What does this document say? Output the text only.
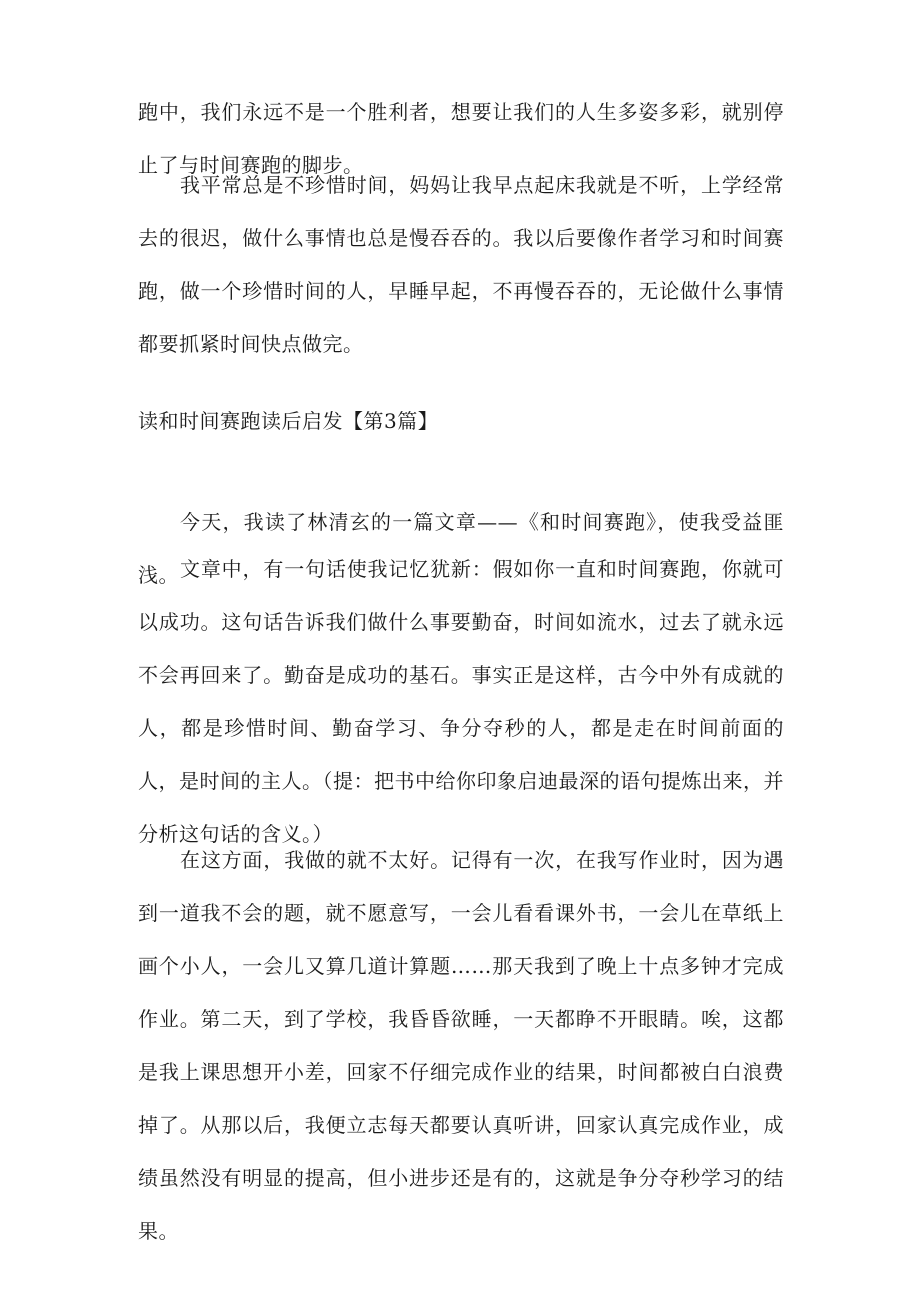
跑中，我们永远不是一个胜利者，想要让我们的人生多姿多彩，就别停止了与时间赛跑的脚步。

我平常总是不珍惜时间，妈妈让我早点起床我就是不听，上学经常去的很迟，做什么事情也总是慢吞吞的。我以后要像作者学习和时间赛跑，做一个珍惜时间的人，早睡早起，不再慢吞吞的，无论做什么事情都要抓紧时间快点做完。

读和时间赛跑读后启发【第3篇】

今天，我读了林清玄的一篇文章——《和时间赛跑》，使我受益匪浅。 文章中，有一句话使我记忆犹新：假如你一直和时间赛跑，你就可以成功。这句话告诉我们做什么事要勤奋，时间如流水，过去了就永远不会再回来了。勤奋是成功的基石。事实正是这样，古今中外有成就的人，都是珍惜时间、勤奋学习、争分夺秒的人，都是走在时间前面的人，是时间的主人。（提：把书中给你印象启迪最深的语句提炼出来，并分析这句话的含义。）

在这方面，我做的就不太好。记得有一次，在我写作业时，因为遇到一道我不会的题，就不愿意写，一会儿看看课外书，一会儿在草纸上画个小人，一会儿又算几道计算题……那天我到了晚上十点多钟才完成作业。第二天，到了学校，我昏昏欲睡，一天都睁不开眼睛。唉，这都是我上课思想开小差，回家不仔细完成作业的结果，时间都被白白浪费掉了。从那以后，我便立志每天都要认真听讲，回家认真完成作业，成绩虽然没有明显的提高，但小进步还是有的，这就是争分夺秒学习的结果。
